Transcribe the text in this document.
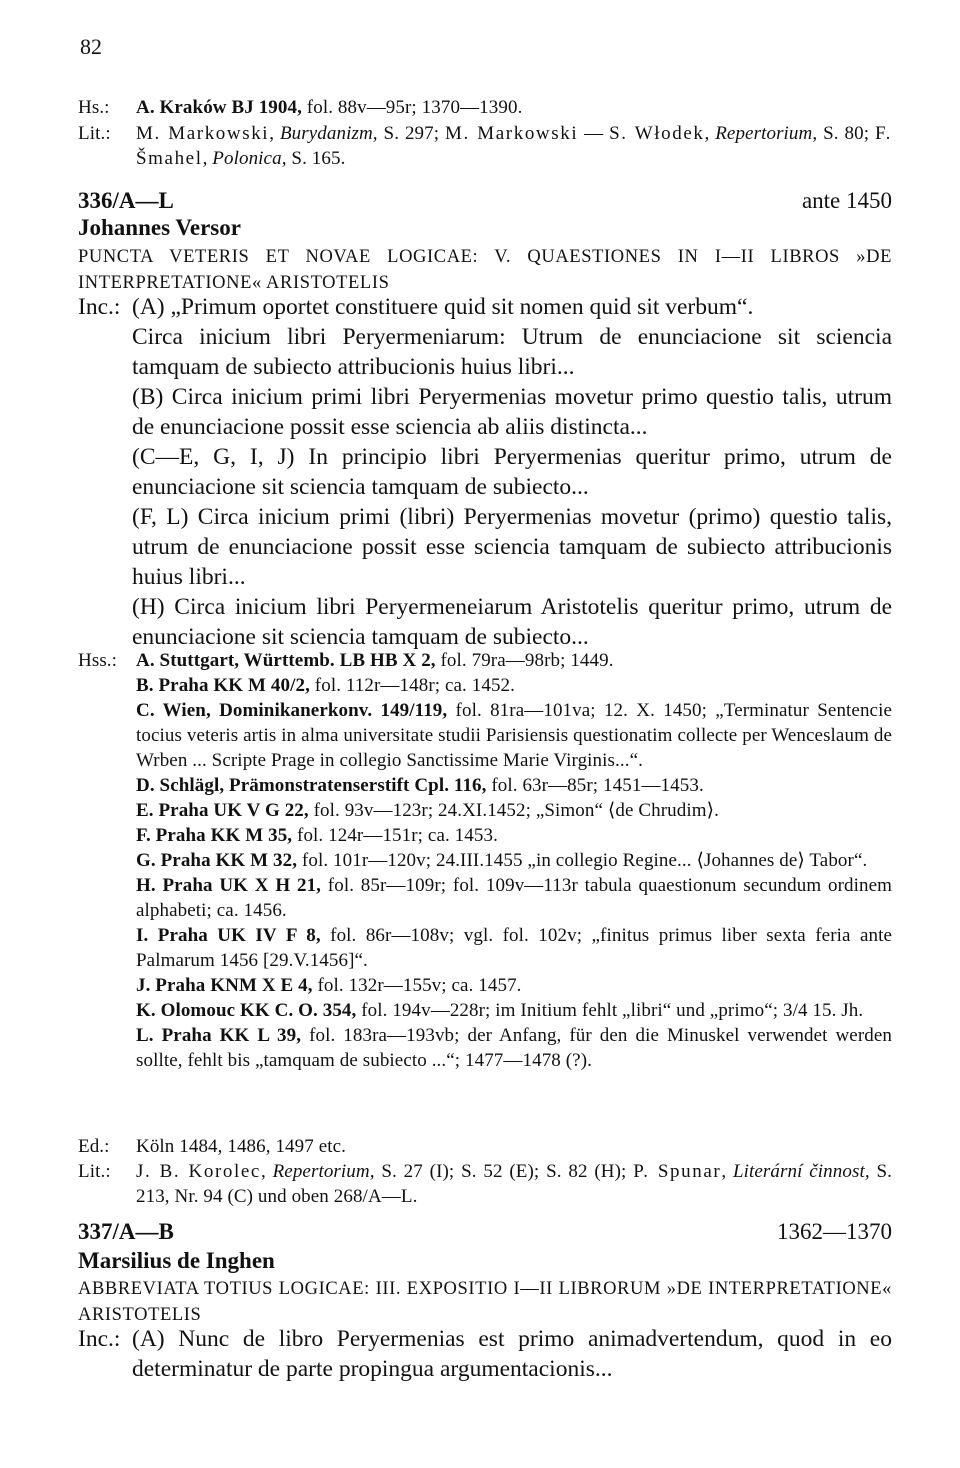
82
Hs.:	A. Kraków BJ 1904, fol. 88v—95r; 1370—1390.
Lit.:	M. Markowski, Burydanizm, S. 297; M. Markowski — S. Włodek, Repertorium, S. 80; F. Šmahel, Polonica, S. 165.
336/A—L	ante 1450
Johannes Versor
PUNCTA VETERIS ET NOVAE LOGICAE: V. QUAESTIONES IN I—II LIBROS »DE INTERPRETATIONE« ARISTOTELIS
Inc.: (A) „Primum oportet constituere quid sit nomen quid sit verbum“.
Circa inicium libri Peryermeniarum: Utrum de enunciacione sit sciencia tamquam de subiecto attribucionis huius libri...
(B) Circa inicium primi libri Peryermenias movetur primo questio talis, utrum de enunciacione possit esse sciencia ab aliis distincta...
(C—E, G, I, J) In principio libri Peryermenias queritur primo, utrum de enunciacione sit sciencia tamquam de subiecto...
(F, L) Circa inicium primi (libri) Peryermenias movetur (primo) questio talis, utrum de enunciacione possit esse sciencia tamquam de subiecto attribucionis huius libri...
(H) Circa inicium libri Peryermeneiarum Aristotelis queritur primo, utrum de enunciacione sit sciencia tamquam de subiecto...
Hss.: A. Stuttgart, Württemb. LB HB X 2, fol. 79ra—98rb; 1449.
B. Praha KK M 40/2, fol. 112r—148r; ca. 1452.
C. Wien, Dominikanerkonv. 149/119, fol. 81ra—101va; 12. X. 1450; „Terminatur Sentencie tocius veteris artis in alma universitate studii Parisiensis questionatim collecte per Wenceslaum de Wrben ... Scripte Prage in collegio Sanctissime Marie Virginis...“.
D. Schlägl, Prämonstratenserstift Cpl. 116, fol. 63r—85r; 1451—1453.
E. Praha UK V G 22, fol. 93v—123r; 24.XI.1452; „Simon“ ⟨de Chrudim⟩.
F. Praha KK M 35, fol. 124r—151r; ca. 1453.
G. Praha KK M 32, fol. 101r—120v; 24.III.1455 „in collegio Regine... ⟨Johannes de⟩ Tabor“.
H. Praha UK X H 21, fol. 85r—109r; fol. 109v—113r tabula quaestionum secundum ordinem alphabeti; ca. 1456.
I. Praha UK IV F 8, fol. 86r—108v; vgl. fol. 102v; „finitus primus liber sexta feria ante Palmarum 1456 [29.V.1456]“.
J. Praha KNM X E 4, fol. 132r—155v; ca. 1457.
K. Olomouc KK C. O. 354, fol. 194v—228r; im Initium fehlt „libri“ und „primo“; 3/4 15. Jh.
L. Praha KK L 39, fol. 183ra—193vb; der Anfang, für den die Minuskel verwendet werden sollte, fehlt bis „tamquam de subiecto ...“; 1477—1478 (?).
Ed.:	Köln 1484, 1486, 1497 etc.
Lit.:	J. B. Korolec, Repertorium, S. 27 (I); S. 52 (E); S. 82 (H); P. Spunar, Literární činnost, S. 213, Nr. 94 (C) und oben 268/A—L.
337/A—B	1362—1370
Marsilius de Inghen
ABBREVIATA TOTIUS LOGICAE: III. EXPOSITIO I—II LIBRORUM »DE INTERPRETATIONE« ARISTOTELIS
Inc.: (A) Nunc de libro Peryermenias est primo animadvertendum, quod in eo determinatur de parte propingua argumentacionis...
